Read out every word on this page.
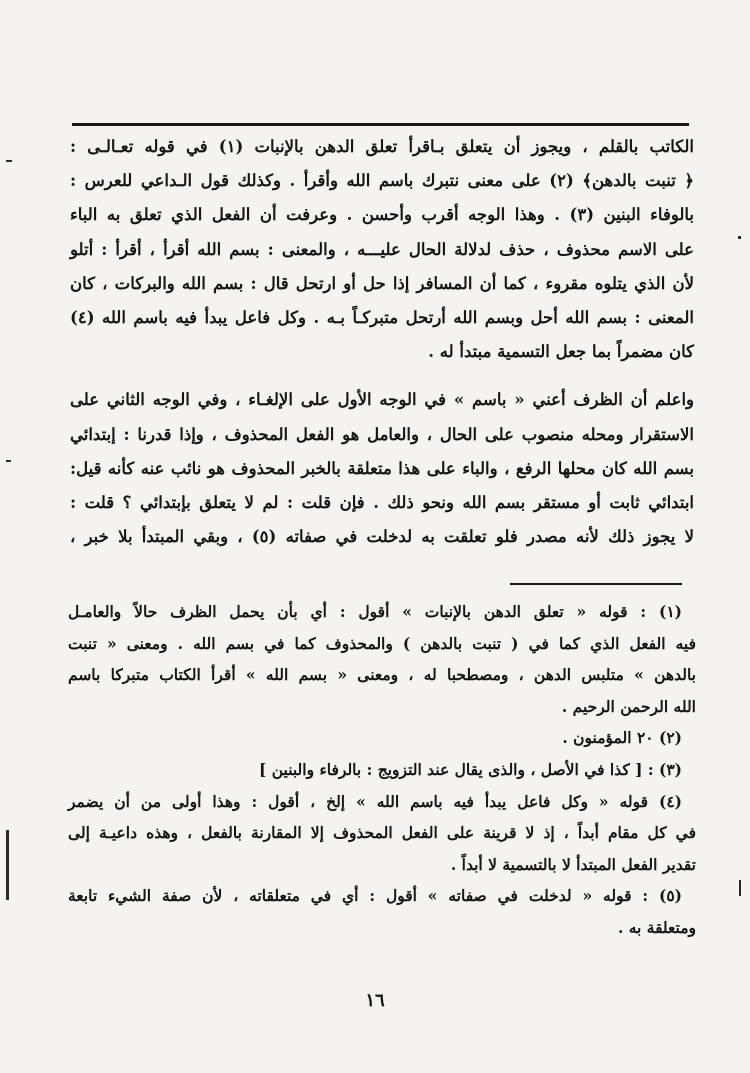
الكاتب بالقلم ، ويجوز أن يتعلق بـاقرأ تعلق الدهن بالإنبات (١) في قوله تعـالـى :
﴿ تنبت بالدهن﴾ (٢) على معنى نتبرك باسم الله وأقرأ . وكذلك قول الـداعي للعرس :
بالوفاء البنين (٣) . وهذا الوجه أقرب وأحسن . وعرفت أن الفعل الذي تعلق به الباء
على الاسم محذوف ، حذف لدلالة الحال عليـــه ، والمعنى : بسم الله أقرأ ، أقرأ : أتلو
لأن الذي يتلوه مقروء ، كما أن المسافر إذا حل أو ارتحل قال : بسم الله والبركات ، كان
المعنى : بسم الله أحل وبسم الله أرتحل متبركـاً بـه . وكل فاعل يبدأ فيه باسم الله (٤)
كان مضمراً بما جعل التسمية مبتدأ له .
واعلم أن الظرف أعني « باسم » في الوجه الأول على الإلغـاء ، وفي الوجه الثاني على
الاستقرار ومحله منصوب على الحال ، والعامل هو الفعل المحذوف ، وإذا قدرنا : إبتدائي
بسم الله كان محلها الرفع ، والباء على هذا متعلقة بالخبر المحذوف هو نائب عنه كأنه قيل:
ابتدائي ثابت أو مستقر بسم الله ونحو ذلك . فإن قلت : لم لا يتعلق بإبتدائي ؟ قلت :
لا يجوز ذلك لأنه مصدر فلو تعلقت به لدخلت في صفاته (٥) ، وبقي المبتدأ بلا خبر ،
(١) : قوله « تعلق الدهن بالإنبات » أقول : أي بأن يحمل الظرف حالاً والعامـل
فيه الفعل الذي كما في ( تنبت بالدهن ) والمحذوف كما في بسم الله . ومعنى « تنبت
بالدهن » متلبس الدهن ، ومصطحبا له ، ومعنى « بسم الله » أقرأ الكتاب متبركا باسم
الله الرحمن الرحيم .
(٢) ٢٠ المؤمنون .
(٣) : [ كذا في الأصل ، والذى يقال عند التزويج : بالرفاء والبنين ]
(٤) قوله « وكل فاعل يبدأ فيه باسم الله » إلخ ، أقول : وهذا أولى من أن يضمر
في كل مقام أبداً ، إذ لا قرينة على الفعل المحذوف إلا المقارنة بالفعل ، وهذه داعيـة إلى
تقدير الفعل المبتدأ لا بالتسمية لا أبداً .
(٥) : قوله « لدخلت في صفاته » أقول : أي في متعلقاته ، لأن صفة الشيء تابعة
ومتعلقة به .
١٦
